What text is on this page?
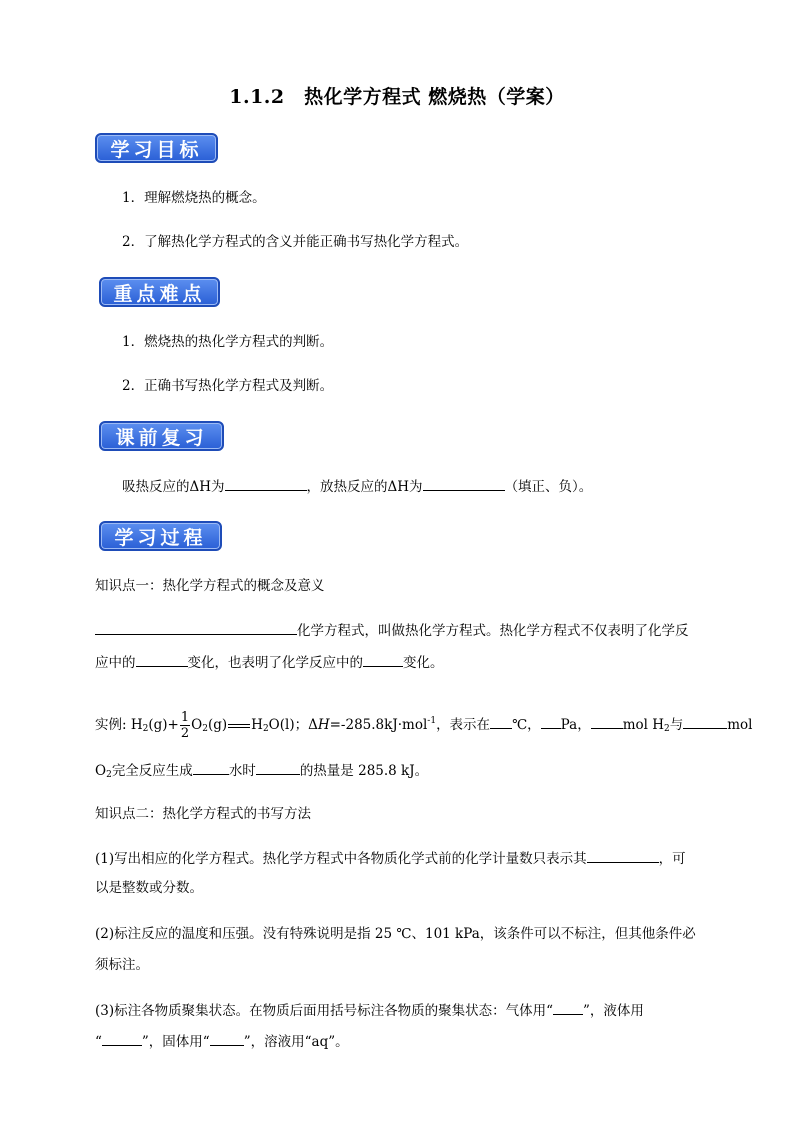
1.1.2　热化学方程式 燃烧热（学案）
学习目标
1．理解燃烧热的概念。
2．了解热化学方程式的含义并能正确书写热化学方程式。
重点难点
1．燃烧热的热化学方程式的判断。
2．正确书写热化学方程式及判断。
课前复习
吸热反应的ΔH为	，放热反应的ΔH为	（填正、负）。
学习过程
知识点一：热化学方程式的概念及意义
化学方程式，叫做热化学方程式。热化学方程式不仅表明了化学反
应中的	变化，也表明了化学反应中的	变化。
实例: $H_2(g)+ \frac{1}{2} O_2(g)$ $H_2O(l)$；ΔH=-285.8kJ·mol$^{-1}$，表示在 ℃， Pa， mol $H_2$与	mol
$O_2$完全反应生成	水时	的热量是 285.8 kJ。
知识点二：热化学方程式的书写方法
(1)写出相应的化学方程式。热化学方程式中各物质化学式前的化学计量数只表示其	，可
以是整数或分数。
(2)标注反应的温度和压强。没有特殊说明是指 25 ℃、101 kPa，该条件可以不标注，但其他条件必
须标注。
(3)标注各物质聚集状态。在物质后面用括号标注各物质的聚集状态：气体用“ ”，液体用
“	”，固体用“	”，溶液用“aq”。
